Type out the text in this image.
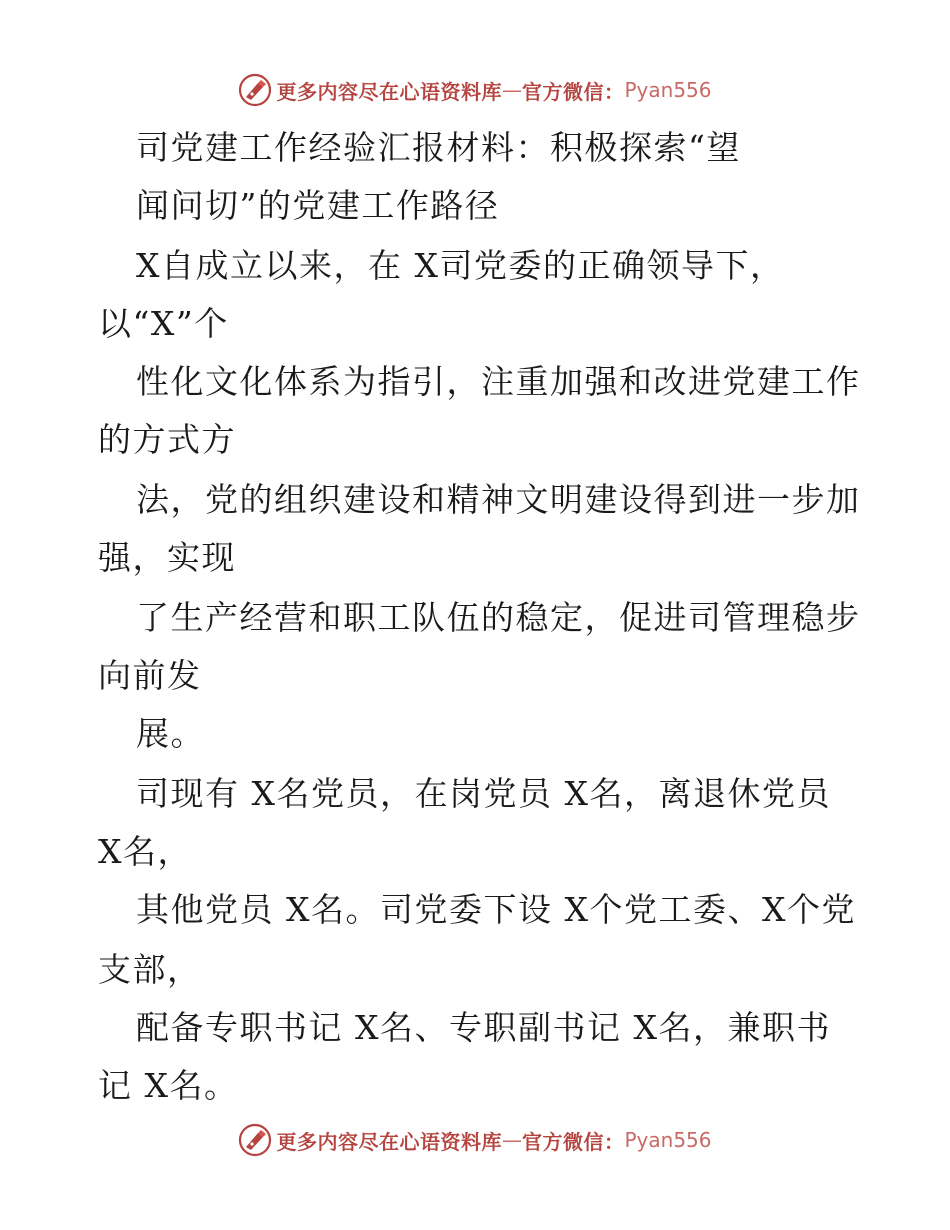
更多内容尽在心语资料库 — 官方微信： Pyan556
司党建工作经验汇报材料：积极探索“望
闻问切”的党建工作路径
X自成立以来，在 X司党委的正确领导下，
以“X”个
性化文化体系为指引，注重加强和改进党建工作
的方式方
法，党的组织建设和精神文明建设得到进一步加
强，实现
了生产经营和职工队伍的稳定，促进司管理稳步
向前发
展。
司现有 X名党员，在岗党员 X名，离退休党员
X名，
其他党员 X名。司党委下设 X个党工委、X个党
支部，
配备专职书记 X名、专职副书记 X名，兼职书
记 X名。
更多内容尽在心语资料库 — 官方微信： Pyan556
